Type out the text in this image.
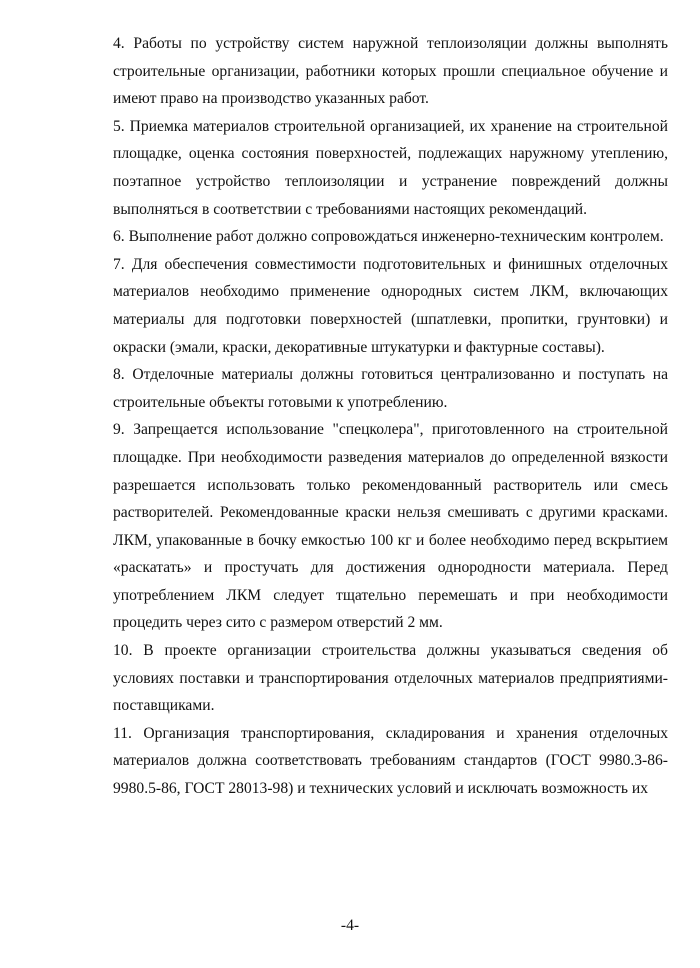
4. Работы по устройству систем наружной теплоизоляции должны выполнять строительные организации, работники которых прошли специальное обучение и имеют право на производство указанных работ.

5. Приемка материалов строительной организацией, их хранение на строительной площадке, оценка состояния поверхностей, подлежащих наружному утеплению, поэтапное устройство теплоизоляции и устранение повреждений должны выполняться в соответствии с требованиями настоящих рекомендаций.

6. Выполнение работ должно сопровождаться инженерно-техническим контролем.

7. Для обеспечения совместимости подготовительных и финишных отделочных материалов необходимо применение однородных систем ЛКМ, включающих материалы для подготовки поверхностей (шпатлевки, пропитки, грунтовки) и окраски (эмали, краски, декоративные штукатурки и фактурные составы).

8. Отделочные материалы должны готовиться централизованно и поступать на строительные объекты готовыми к употреблению.

9. Запрещается использование "спецколера", приготовленного на строительной площадке. При необходимости разведения материалов до определенной вязкости разрешается использовать только рекомендованный растворитель или смесь растворителей. Рекомендованные краски нельзя смешивать с другими красками. ЛКМ, упакованные в бочку емкостью 100 кг и более необходимо перед вскрытием «раскатать» и простучать для достижения однородности материала. Перед употреблением ЛКМ следует тщательно перемешать и при необходимости процедить через сито с размером отверстий 2 мм.

10. В проекте организации строительства должны указываться сведения об условиях поставки и транспортирования отделочных материалов предприятиями-поставщиками.

11. Организация транспортирования, складирования и хранения отделочных материалов должна соответствовать требованиям стандартов (ГОСТ 9980.3-86-9980.5-86, ГОСТ 28013-98) и технических условий и исключать возможность их

-4-
